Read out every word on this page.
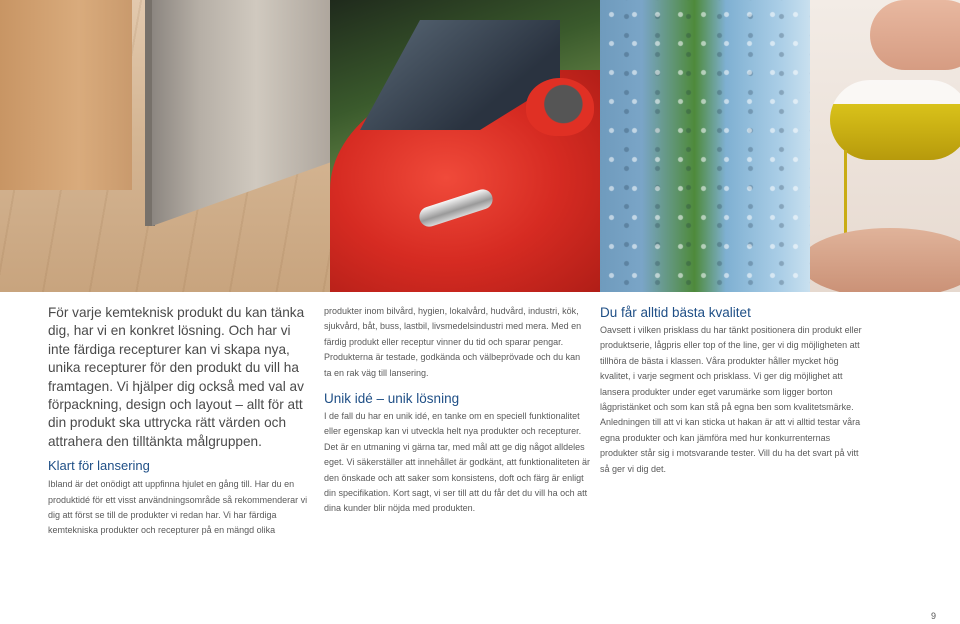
För varje kemteknisk produkt du kan tänka dig, har vi en konkret lösning. Och har vi inte färdiga recepturer kan vi skapa nya, unika recepturer för den produkt du vill ha framtagen. Vi hjälper dig också med val av förpackning, design och layout – allt för att din produkt ska uttrycka rätt värden och attrahera den tilltänkta målgruppen.

Klart för lansering

Ibland är det onödigt att uppfinna hjulet en gång till. Har du en produktidé för ett visst användningsområde så rekommenderar vi dig att först se till de produkter vi redan har. Vi har färdiga kemtekniska produkter och recepturer på en mängd olika

produkter inom bilvård, hygien, lokalvård, hudvård, industri, kök, sjukvård, båt, buss, lastbil, livsmedelsindustri med mera. Med en färdig produkt eller receptur vinner du tid och sparar pengar. Produkterna är testade, godkända och välbeprövade och du kan ta en rak väg till lansering.

Unik idé – unik lösning

I de fall du har en unik idé, en tanke om en speciell funktionalitet eller egenskap kan vi utveckla helt nya produkter och recepturer. Det är en utmaning vi gärna tar, med mål att ge dig något alldeles eget. Vi säkerställer att innehållet är godkänt, att funktionaliteten är den önskade och att saker som konsistens, doft och färg är enligt din specifikation. Kort sagt, vi ser till att du får det du vill ha och att dina kunder blir nöjda med produkten.

Du får alltid bästa kvalitet

Oavsett i vilken prisklass du har tänkt positionera din produkt eller produktserie, lågpris eller top of the line, ger vi dig möjligheten att tillhöra de bästa i klassen. Våra produkter håller mycket hög kvalitet, i varje segment och prisklass. Vi ger dig möjlighet att lansera produkter under eget varumärke som ligger borton lågpristänket och som kan stå på egna ben som kvalitetsmärke. Anledningen till att vi kan sticka ut hakan är att vi alltid testar våra egna produkter och kan jämföra med hur konkurrenternas produkter står sig i motsvarande tester. Vill du ha det svart på vitt så ger vi dig det.

9
